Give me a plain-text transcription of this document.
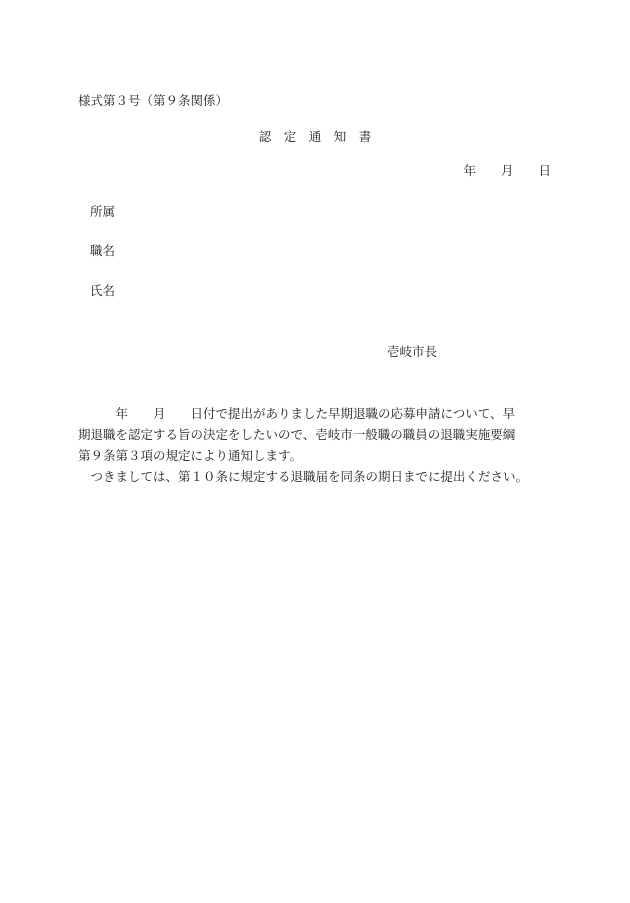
様式第３号（第９条関係）
認　定　通　知　書
年　　月　　日
所属
職名
氏名
壱岐市長
　　　年　　月　　日付で提出がありました早期退職の応募申請について、早
期退職を認定する旨の決定をしたいので、壱岐市一般職の職員の退職実施要綱
第９条第３項の規定により通知します。
　つきましては、第１０条に規定する退職届を同条の期日までに提出ください。
